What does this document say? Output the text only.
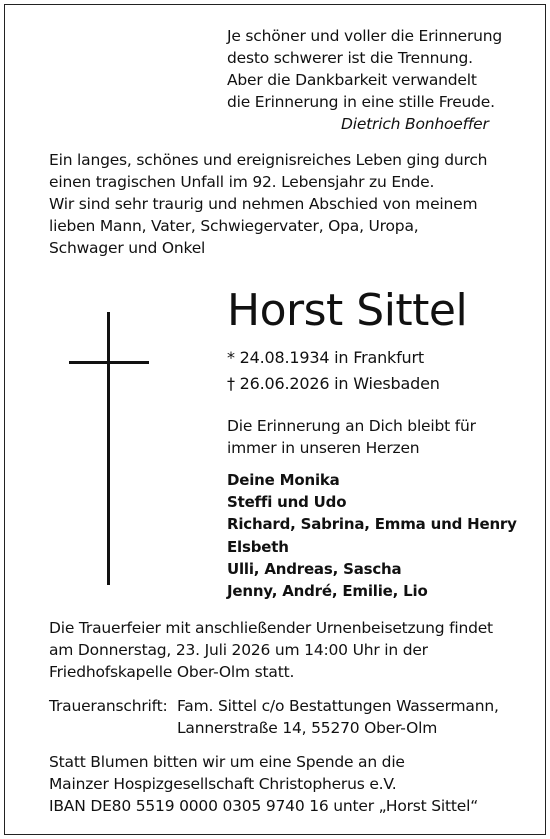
Je schöner und voller die Erinnerung
desto schwerer ist die Trennung.
Aber die Dankbarkeit verwandelt
die Erinnerung in eine stille Freude.
Dietrich Bonhoeffer
Ein langes, schönes und ereignisreiches Leben ging durch
einen tragischen Unfall im 92. Lebensjahr zu Ende.
Wir sind sehr traurig und nehmen Abschied von meinem
lieben Mann, Vater, Schwiegervater, Opa, Uropa,
Schwager und Onkel
Horst Sittel
* 24.08.1934 in Frankfurt
† 26.06.2026 in Wiesbaden
Die Erinnerung an Dich bleibt für
immer in unseren Herzen
Deine Monika
Steffi und Udo
Richard, Sabrina, Emma und Henry
Elsbeth
Ulli, Andreas, Sascha
Jenny, André, Emilie, Lio
Die Trauerfeier mit anschließender Urnenbeisetzung findet
am Donnerstag, 23. Juli 2026 um 14:00 Uhr in der
Friedhofskapelle Ober-Olm statt.
Traueranschrift: Fam. Sittel c/o Bestattungen Wassermann,
Lannerstraße 14, 55270 Ober-Olm
Statt Blumen bitten wir um eine Spende an die
Mainzer Hospizgesellschaft Christopherus e.V.
IBAN DE80 5519 0000 0305 9740 16 unter „Horst Sittel“
